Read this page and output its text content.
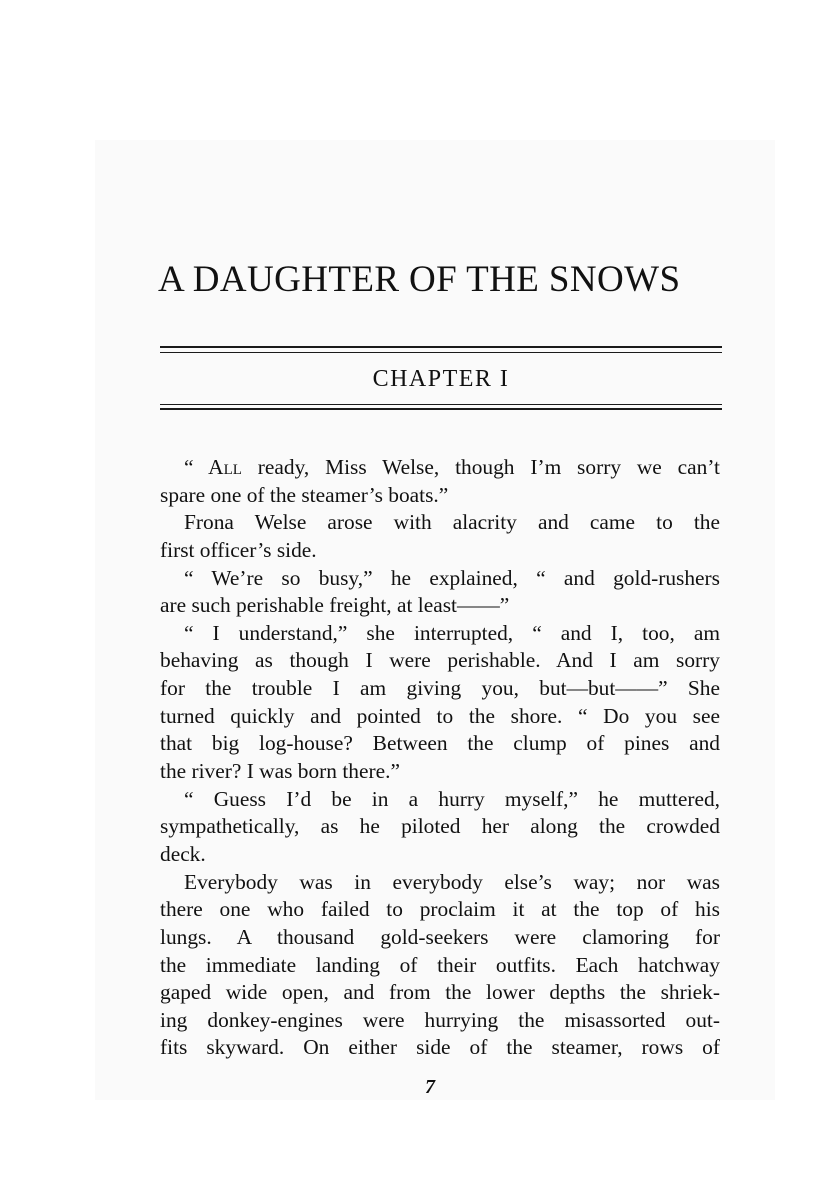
A DAUGHTER OF THE SNOWS
CHAPTER I
“ All ready, Miss Welse, though I’m sorry we can’t
spare one of the steamer’s boats.”
Frona Welse arose with alacrity and came to the
first officer’s side.
“ We’re so busy,” he explained, “ and gold-rushers
are such perishable freight, at least——”
“ I understand,” she interrupted, “ and I, too, am
behaving as though I were perishable. And I am sorry
for the trouble I am giving you, but—but——” She
turned quickly and pointed to the shore. “ Do you see
that big log-house? Between the clump of pines and
the river? I was born there.”
“ Guess I’d be in a hurry myself,” he muttered,
sympathetically, as he piloted her along the crowded
deck.
Everybody was in everybody else’s way; nor was
there one who failed to proclaim it at the top of his
lungs. A thousand gold-seekers were clamoring for
the immediate landing of their outfits. Each hatchway
gaped wide open, and from the lower depths the shriek-
ing donkey-engines were hurrying the misassorted out-
fits skyward. On either side of the steamer, rows of
7
